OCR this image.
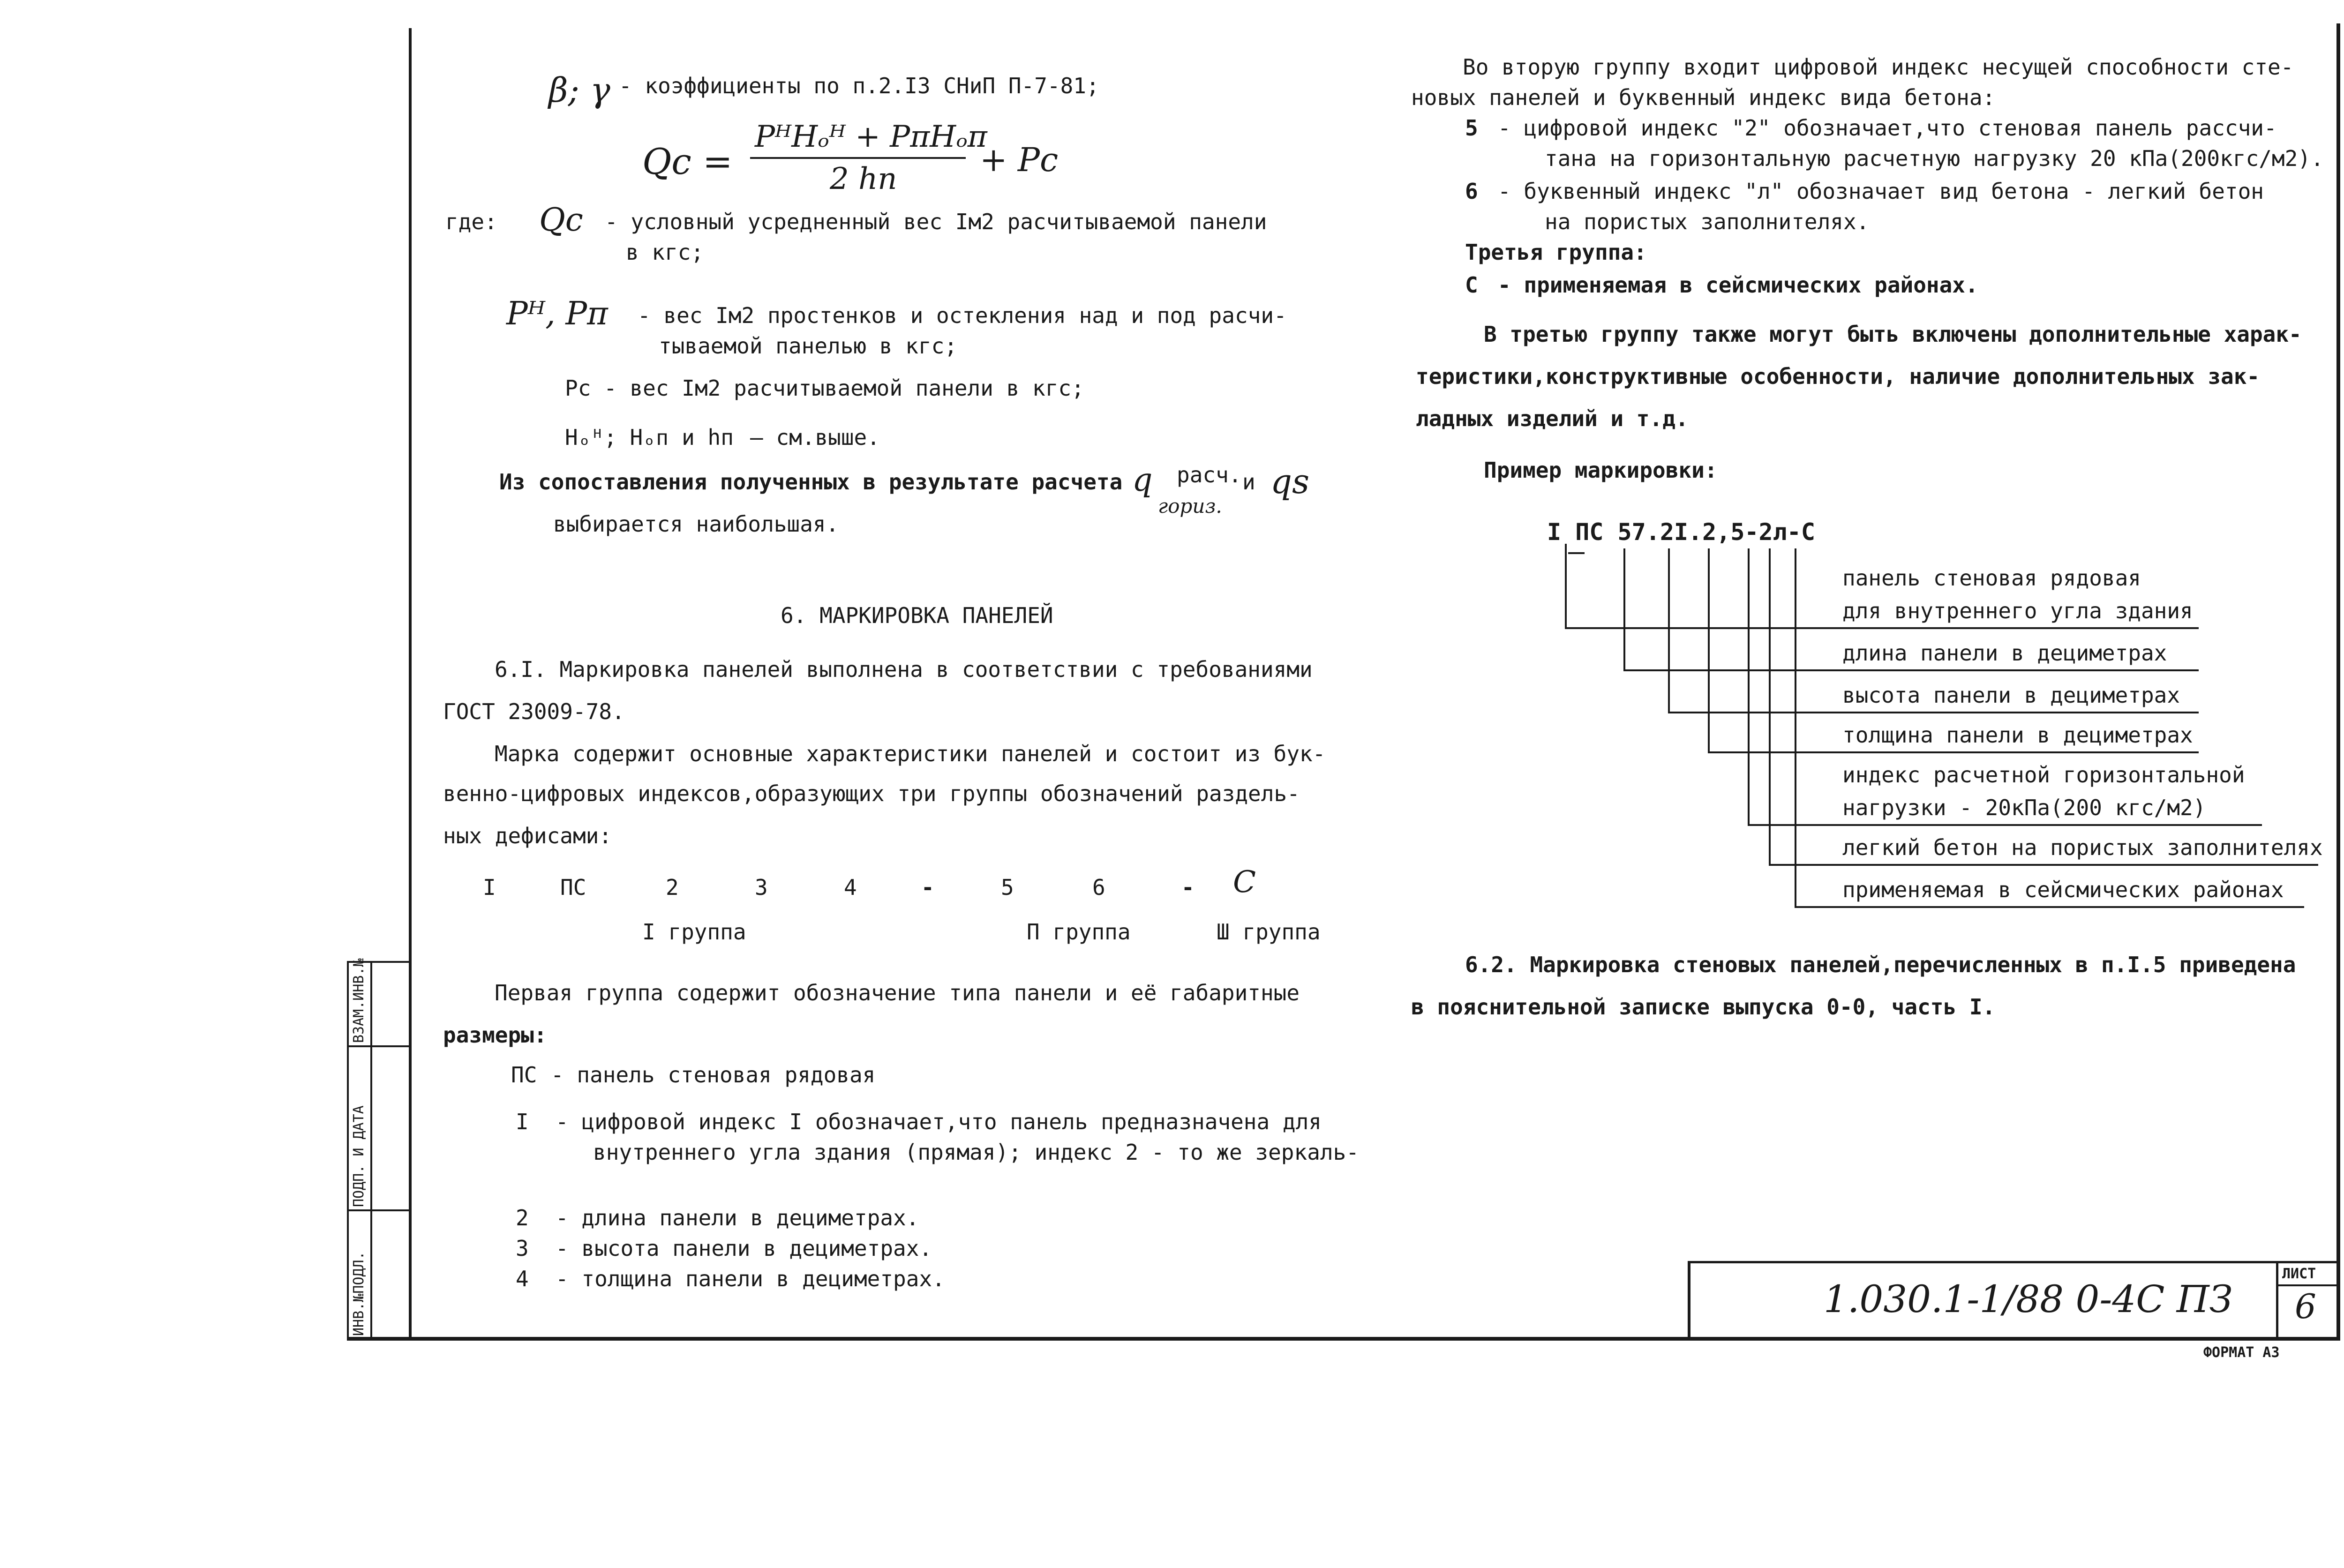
ИНВ.№ПОДЛ.
ПОДП. И ДАТА
ВЗАМ.ИНВ.№
β; γ - коэффициенты по п.2.I3 СНиП П-7-81;
Qc =
PᴴHₒᴴ + PᴨHₒᴨ
2 hп	+ Pc
где: Qc - условный усредненный вес Iм2 расчитываемой панели
в кгс;
Pᴴ, Pᴨ - вес Iм2 простенков и остекления над и под расчи-
тываемой панелью в кгс;
Pc - вес Iм2 расчитываемой панели в кгс;
Hₒᴴ; Hₒᴨ и hп — см.выше.
Из сопоставления полученных в результате расчета q расч.
гориз.
и qs
выбирается наибольшая.
6. МАРКИРОВКА ПАНЕЛЕЙ
6.I. Маркировка панелей выполнена в соответствии с требованиями
ГОСТ 23009-78.
Марка содержит основные характеристики панелей и состоит из бук-
венно-цифровых индексов,образующих три группы обозначений раздель-
ных дефисами:
I	ПС	2	3	4	-	5	6	- С
I группа	П группа	Ш группа
Первая группа содержит обозначение типа панели и её габаритные
размеры:
ПС - панель стеновая рядовая
I - цифровой индекс I обозначает,что панель предназначена для
внутреннего угла здания (прямая); индекс 2 - то же зеркаль-
2 - длина панели в дециметрах.
3 - высота панели в дециметрах.
4 - толщина панели в дециметрах.
Во вторую группу входит цифровой индекс несущей способности сте-
новых панелей и буквенный индекс вида бетона:
5 - цифровой индекс "2" обозначает,что стеновая панель рассчи-
тана на горизонтальную расчетную нагрузку 20 кПа(200кгс/м2).
6 - буквенный индекс "л" обозначает вид бетона - легкий бетон
на пористых заполнителях.
Третья группа:
С - применяемая в сейсмических районах.
В третью группу также могут быть включены дополнительные харак-
теристики,конструктивные особенности, наличие дополнительных зак-
ладных изделий и т.д.
Пример маркировки:
I ПС 57.2I.2,5-2л-С
панель стеновая рядовая
для внутреннего угла здания
длина панели в дециметрах
высота панели в дециметрах
толщина панели в дециметрах
индекс расчетной горизонтальной
нагрузки - 20кПа(200 кгс/м2)
легкий бетон на пористых заполнителях
применяемая в сейсмических районах
6.2. Маркировка стеновых панелей,перечисленных в п.I.5 приведена
в пояснительной записке выпуска 0-0, часть I.
1.030.1-1/88 0-4С ПЗ
ЛИСТ
6
ФОРМАТ А3
